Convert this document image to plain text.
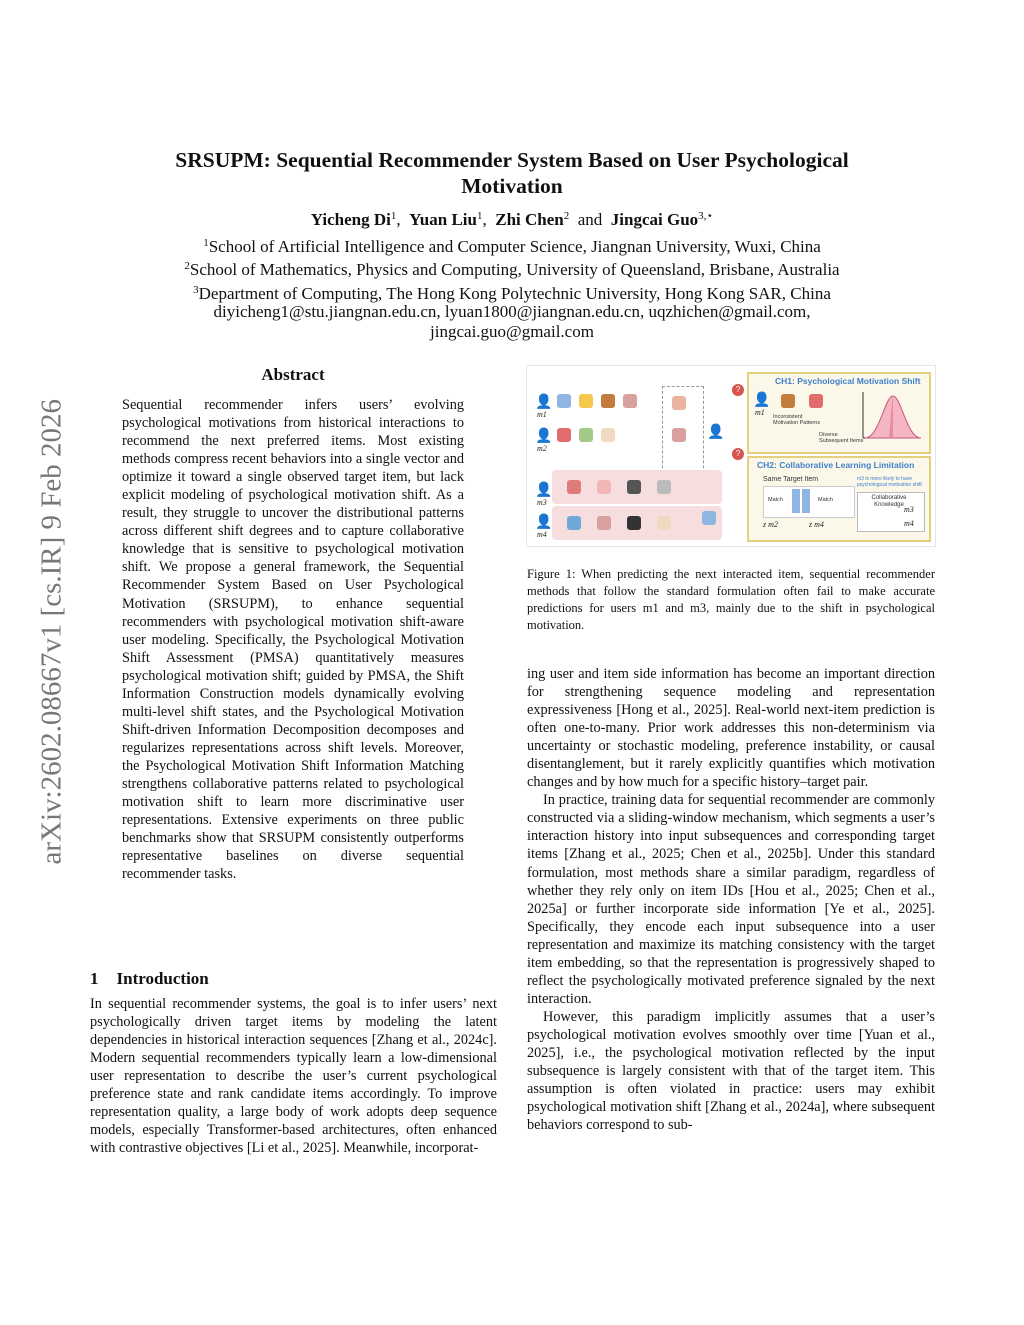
arXiv:2602.08667v1 [cs.IR] 9 Feb 2026
SRSUPM: Sequential Recommender System Based on User Psychological
Motivation
Yicheng Di$^1$, Yuan Liu$^1$, Zhi Chen$^2$ and Jingcai Guo$^{3,⋆}$
$^1$School of Artificial Intelligence and Computer Science, Jiangnan University, Wuxi, China
$^2$School of Mathematics, Physics and Computing, University of Queensland, Brisbane, Australia
$^3$Department of Computing, The Hong Kong Polytechnic University, Hong Kong SAR, China
diyicheng1@stu.jiangnan.edu.cn, lyuan1800@jiangnan.edu.cn, uqzhichen@gmail.com,
jingcai.guo@gmail.com
Abstract

Sequential recommender infers users’ evolving psychological motivations from historical interactions to recommend the next preferred items. Most existing methods compress recent behaviors into a single vector and optimize it toward a single observed target item, but lack explicit modeling of psychological motivation shift. As a result, they struggle to uncover the distributional patterns across different shift degrees and to capture collaborative knowledge that is sensitive to psychological motivation shift. We propose a general framework, the Sequential Recommender System Based on User Psychological Motivation (SRSUPM), to enhance sequential recommenders with psychological motivation shift-aware user modeling. Specifically, the Psychological Motivation Shift Assessment (PMSA) quantitatively measures psychological motivation shift; guided by PMSA, the Shift Information Construction models dynamically evolving multi-level shift states, and the Psychological Motivation Shift-driven Information Decomposition decomposes and regularizes representations across shift levels. Moreover, the Psychological Motivation Shift Information Matching strengthens collaborative patterns related to psychological motivation shift to learn more discriminative user representations. Extensive experiments on three public benchmarks show that SRSUPM consistently outperforms representative baselines on diverse sequential recommender tasks.

1 Introduction

In sequential recommender systems, the goal is to infer users’ next psychologically driven target items by modeling the latent dependencies in historical interaction sequences [Zhang et al., 2024c]. Modern sequential recommenders typically learn a low-dimensional user representation to describe the user’s current psychological preference state and rank candidate items accordingly. To improve representation quality, a large body of work adopts deep sequence models, especially Transformer-based architectures, often enhanced with contrastive objectives [Li et al., 2025]. Meanwhile, incorporat-

👤
m1
👤
m2
👤
m3
👤
m4
👤
?
?
CH1: Psychological Motivation Shift
👤
m1 Inconsistent
Motivation Patterns
Diverse
Subsequent Items
CH2: Collaborative Learning Limitation
Same Target Item
Match	Match
z m2	z m4
m3 is more likely to have psychological motivation shift
Collaborative Knowledge m3
m4
Figure 1: When predicting the next interacted item, sequential recommender methods that follow the standard formulation often fail to make accurate predictions for users m1 and m3, mainly due to the shift in psychological motivation.

ing user and item side information has become an important direction for strengthening sequence modeling and representation expressiveness [Hong et al., 2025]. Real-world next-item prediction is often one-to-many. Prior work addresses this non-determinism via uncertainty or stochastic modeling, preference instability, or causal disentanglement, but it rarely explicitly quantifies which motivation changes and by how much for a specific history–target pair.

In practice, training data for sequential recommender are commonly constructed via a sliding-window mechanism, which segments a user’s interaction history into input subsequences and corresponding target items [Zhang et al., 2025; Chen et al., 2025b]. Under this standard formulation, most methods share a similar paradigm, regardless of whether they rely only on item IDs [Hou et al., 2025; Chen et al., 2025a] or further incorporate side information [Ye et al., 2025]. Specifically, they encode each input subsequence into a user representation and maximize its matching consistency with the target item embedding, so that the representation is progressively shaped to reflect the psychologically motivated preference signaled by the next interaction.

However, this paradigm implicitly assumes that a user’s psychological motivation evolves smoothly over time [Yuan et al., 2025], i.e., the psychological motivation reflected by the input subsequence is largely consistent with that of the target item. This assumption is often violated in practice: users may exhibit psychological motivation shift [Zhang et al., 2024a], where subsequent behaviors correspond to sub-
